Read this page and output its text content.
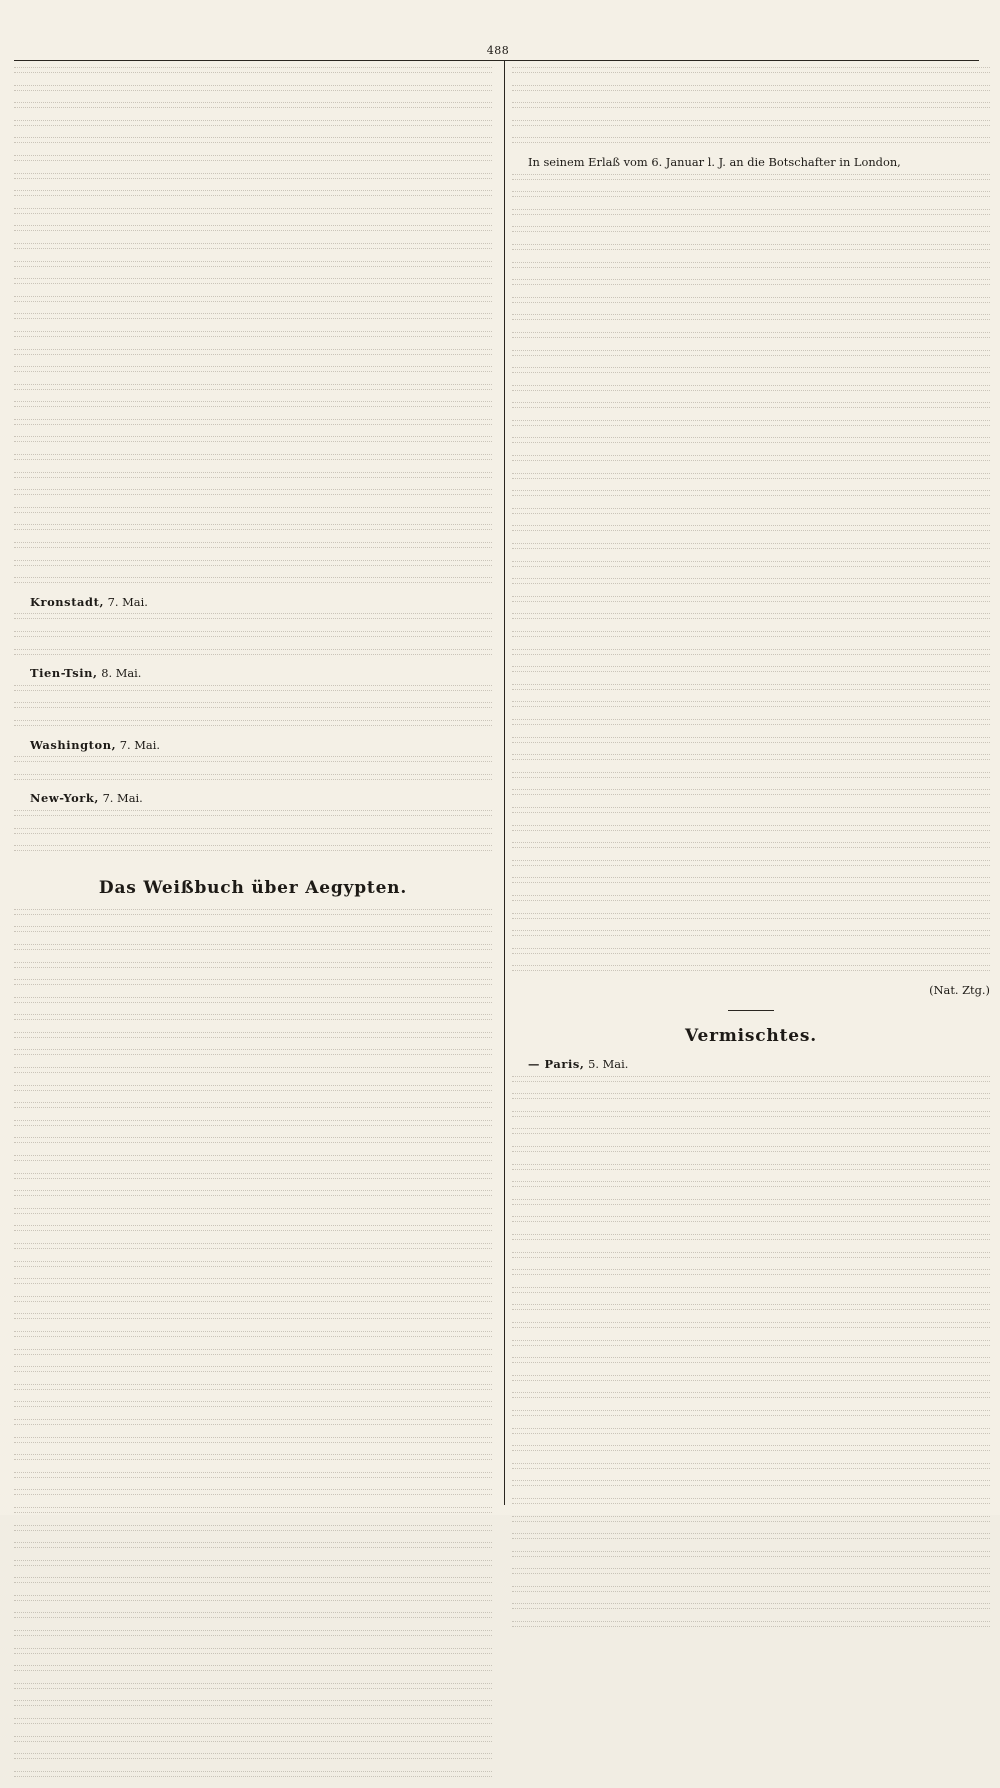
488

Kronstadt, 7. Mai.

Tien-Tsin, 8. Mai.

Washington, 7. Mai.

New-York, 7. Mai.

Das Weißbuch über Aegypten.

In seinem Erlaß vom 6. Januar l. J. an die Botschafter in London,

(Nat. Ztg.)

Vermischtes.

— Paris, 5. Mai.
